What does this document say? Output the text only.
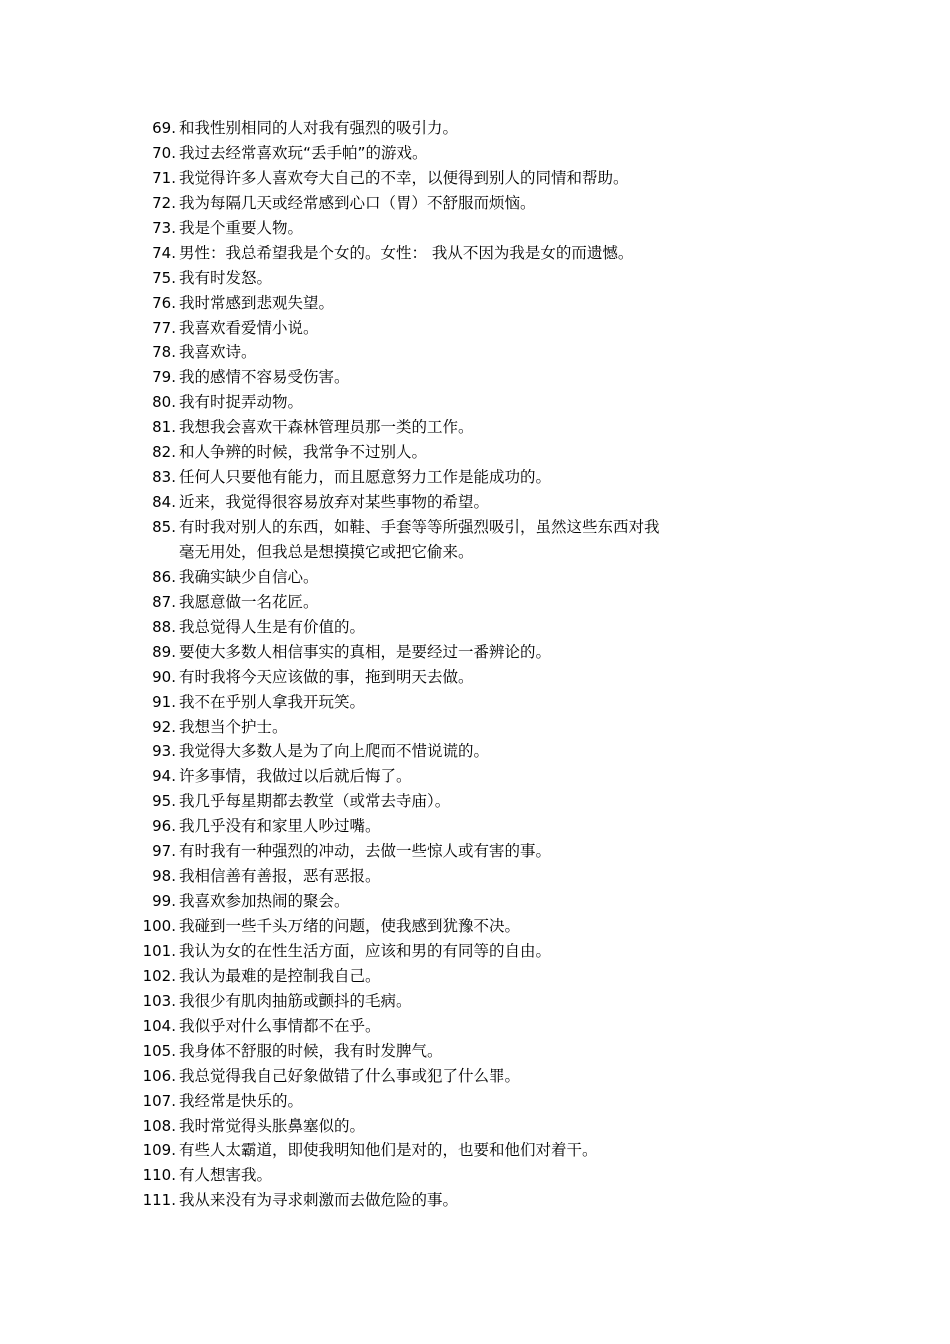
69. 和我性别相同的人对我有强烈的吸引力。
70. 我过去经常喜欢玩“丢手帕”的游戏。
71. 我觉得许多人喜欢夸大自己的不幸，以便得到别人的同情和帮助。
72. 我为每隔几天或经常感到心口（胃）不舒服而烦恼。
73. 我是个重要人物。
74. 男性：我总希望我是个女的。女性： 我从不因为我是女的而遗憾。
75. 我有时发怒。
76. 我时常感到悲观失望。
77. 我喜欢看爱情小说。
78. 我喜欢诗。
79. 我的感情不容易受伤害。
80. 我有时捉弄动物。
81. 我想我会喜欢干森林管理员那一类的工作。
82. 和人争辨的时候，我常争不过别人。
83. 任何人只要他有能力，而且愿意努力工作是能成功的。
84. 近来，我觉得很容易放弃对某些事物的希望。
85. 有时我对别人的东西，如鞋、手套等等所强烈吸引，虽然这些东西对我
毫无用处，但我总是想摸摸它或把它偷来。
86. 我确实缺少自信心。
87. 我愿意做一名花匠。
88. 我总觉得人生是有价值的。
89. 要使大多数人相信事实的真相，是要经过一番辨论的。
90. 有时我将今天应该做的事，拖到明天去做。
91. 我不在乎别人拿我开玩笑。
92. 我想当个护士。
93. 我觉得大多数人是为了向上爬而不惜说谎的。
94. 许多事情，我做过以后就后悔了。
95. 我几乎每星期都去教堂（或常去寺庙）。
96. 我几乎没有和家里人吵过嘴。
97. 有时我有一种强烈的冲动，去做一些惊人或有害的事。
98. 我相信善有善报，恶有恶报。
99. 我喜欢参加热闹的聚会。
100. 我碰到一些千头万绪的问题，使我感到犹豫不决。
101. 我认为女的在性生活方面，应该和男的有同等的自由。
102. 我认为最难的是控制我自己。
103. 我很少有肌肉抽筋或颤抖的毛病。
104. 我似乎对什么事情都不在乎。
105. 我身体不舒服的时候，我有时发脾气。
106. 我总觉得我自己好象做错了什么事或犯了什么罪。
107. 我经常是快乐的。
108. 我时常觉得头胀鼻塞似的。
109. 有些人太霸道，即使我明知他们是对的，也要和他们对着干。
110. 有人想害我。
111. 我从来没有为寻求刺激而去做危险的事。
